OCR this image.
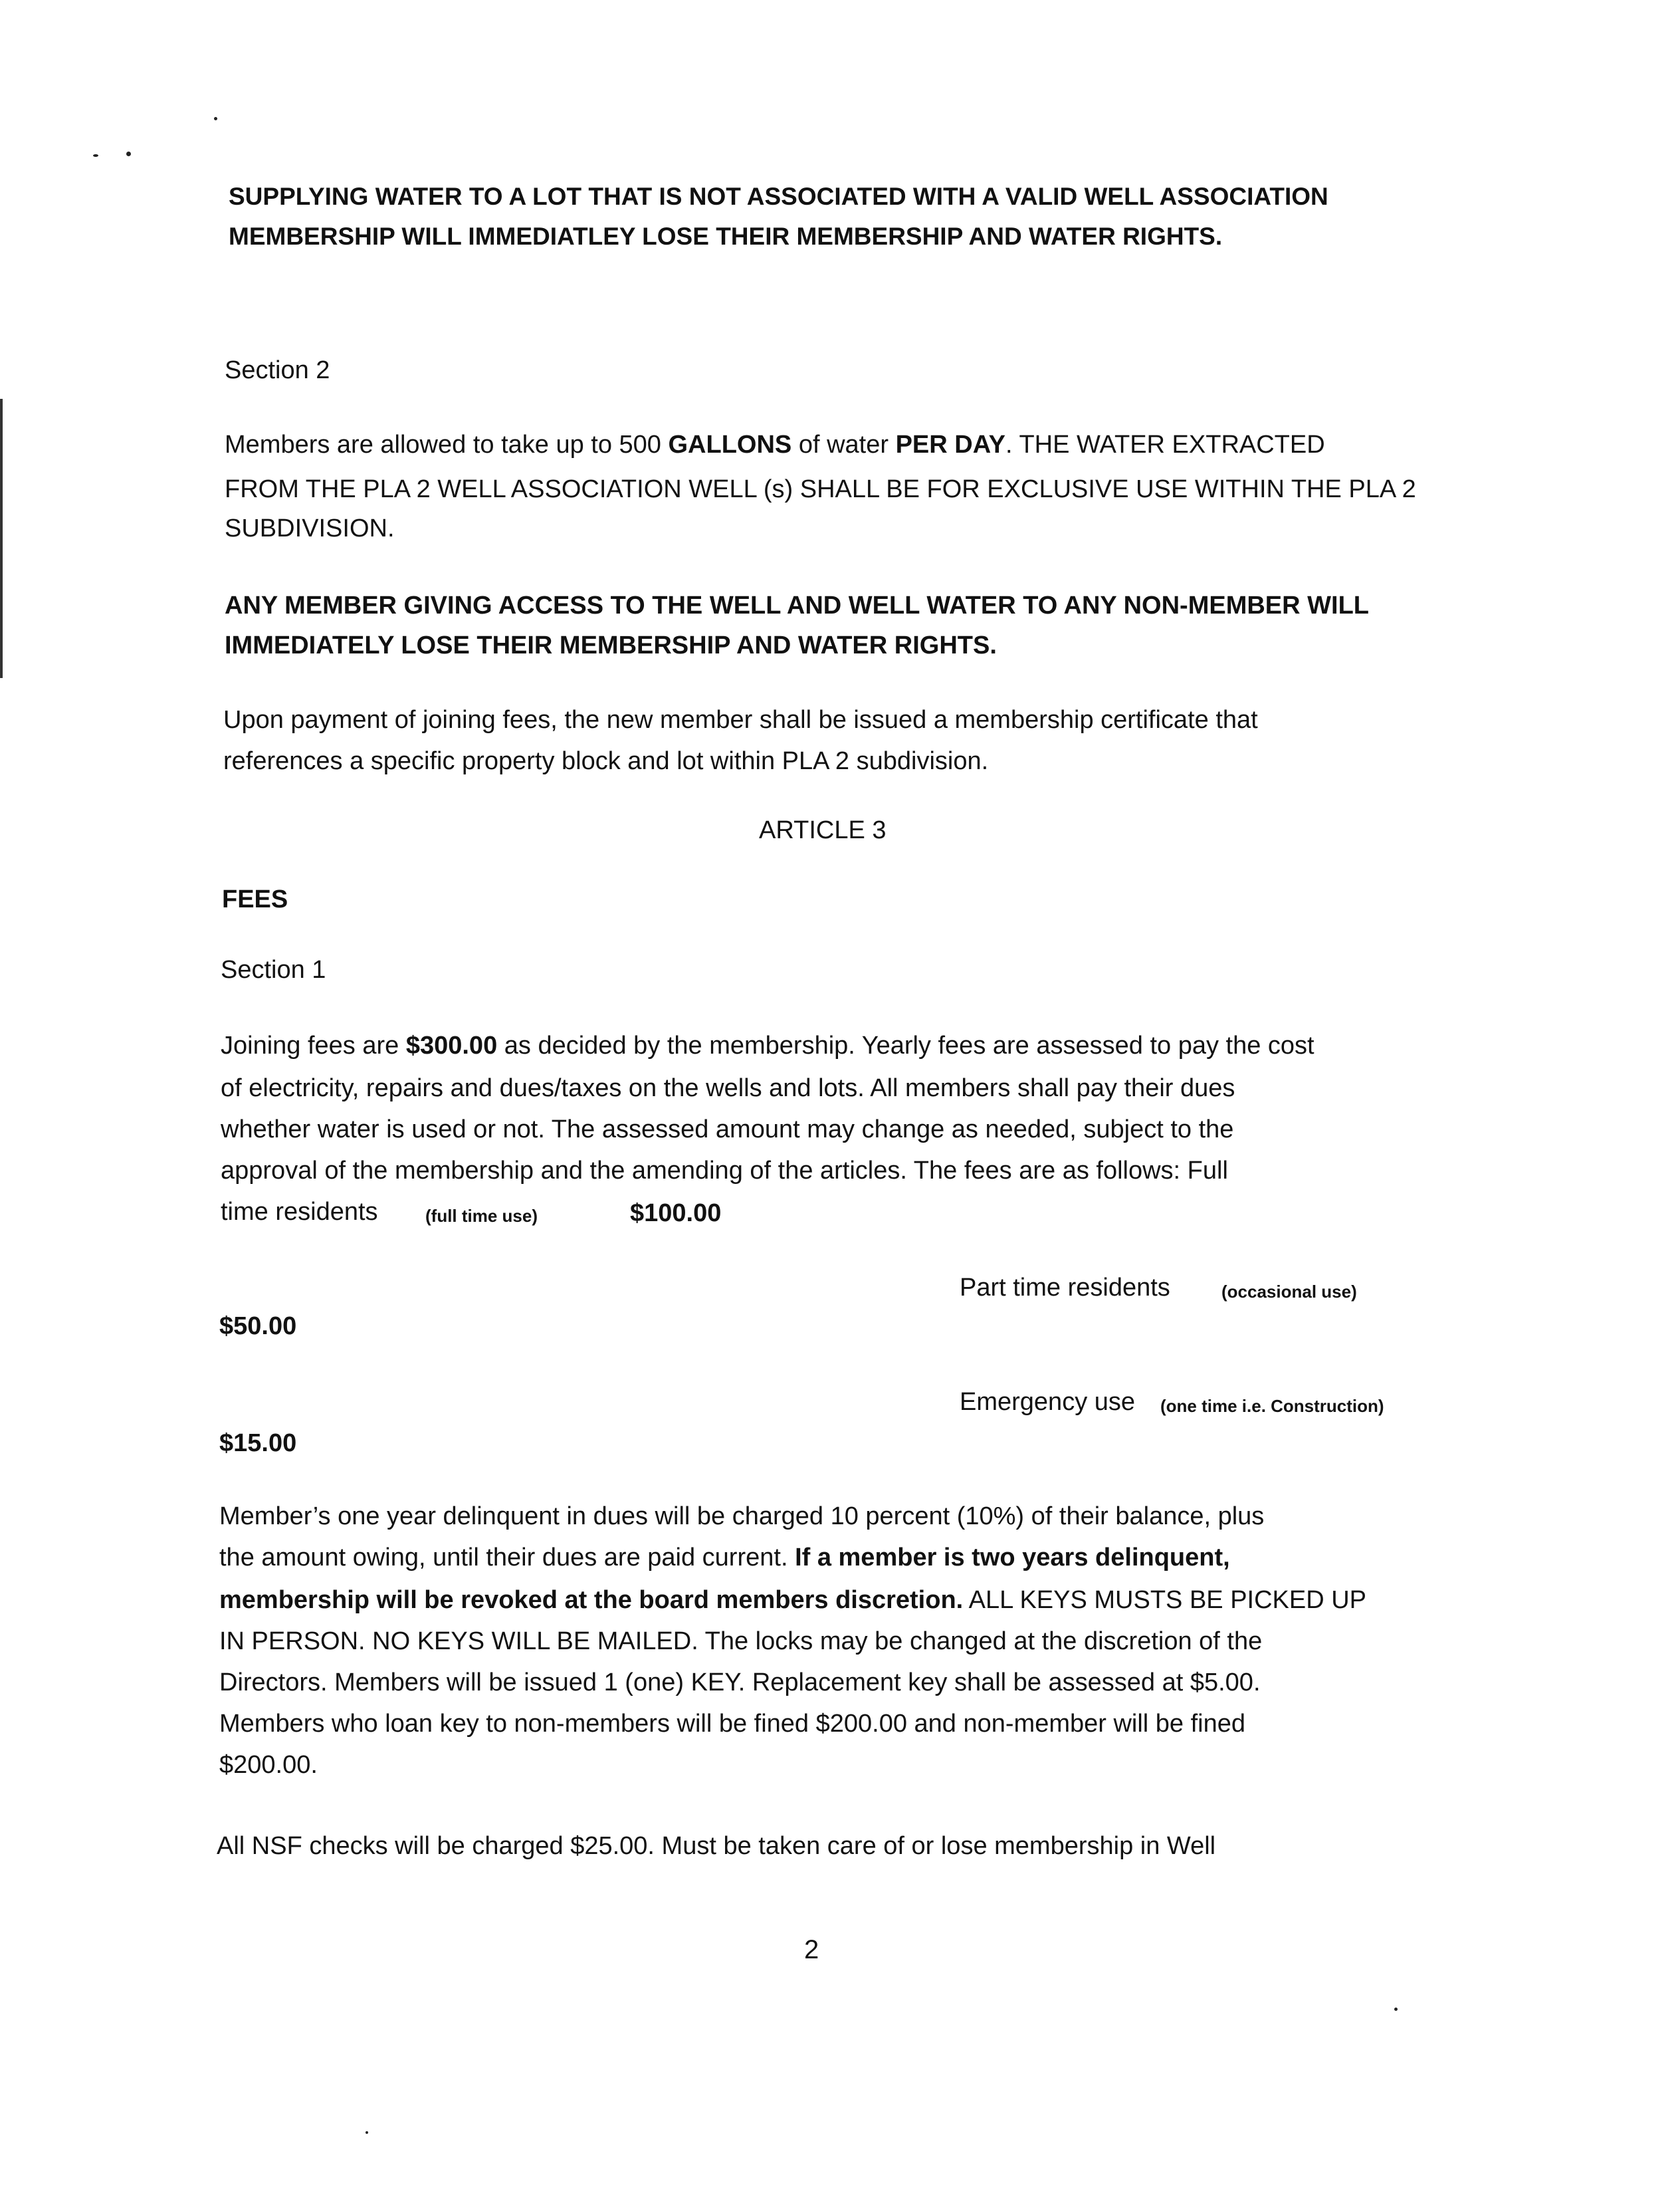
SUPPLYING WATER TO A LOT THAT IS NOT ASSOCIATED WITH A VALID WELL ASSOCIATION
MEMBERSHIP WILL IMMEDIATLEY LOSE THEIR MEMBERSHIP AND WATER RIGHTS.
Section 2
Members are allowed to take up to 500 GALLONS of water PER DAY. THE WATER EXTRACTED
FROM THE PLA 2 WELL ASSOCIATION WELL (s) SHALL BE FOR EXCLUSIVE USE WITHIN THE PLA 2
SUBDIVISION.
ANY MEMBER GIVING ACCESS TO THE WELL AND WELL WATER TO ANY NON-MEMBER WILL
IMMEDIATELY LOSE THEIR MEMBERSHIP AND WATER RIGHTS.
Upon payment of joining fees, the new member shall be issued a membership certificate that
references a specific property block and lot within PLA 2 subdivision.
ARTICLE 3
FEES
Section 1
Joining fees are $300.00 as decided by the membership. Yearly fees are assessed to pay the cost
of electricity, repairs and dues/taxes on the wells and lots. All members shall pay their dues
whether water is used or not. The assessed amount may change as needed, subject to the
approval of the membership and the amending of the articles. The fees are as follows: Full
time residents	(full time use)	$100.00
Part time residents	(occasional use)
$50.00
Emergency use (one time i.e. Construction)
$15.00
Member’s one year delinquent in dues will be charged 10 percent (10%) of their balance, plus
the amount owing, until their dues are paid current. If a member is two years delinquent,
membership will be revoked at the board members discretion. ALL KEYS MUSTS BE PICKED UP
IN PERSON. NO KEYS WILL BE MAILED. The locks may be changed at the discretion of the
Directors. Members will be issued 1 (one) KEY. Replacement key shall be assessed at $5.00.
Members who loan key to non-members will be fined $200.00 and non-member will be fined
$200.00.
All NSF checks will be charged $25.00. Must be taken care of or lose membership in Well
2
